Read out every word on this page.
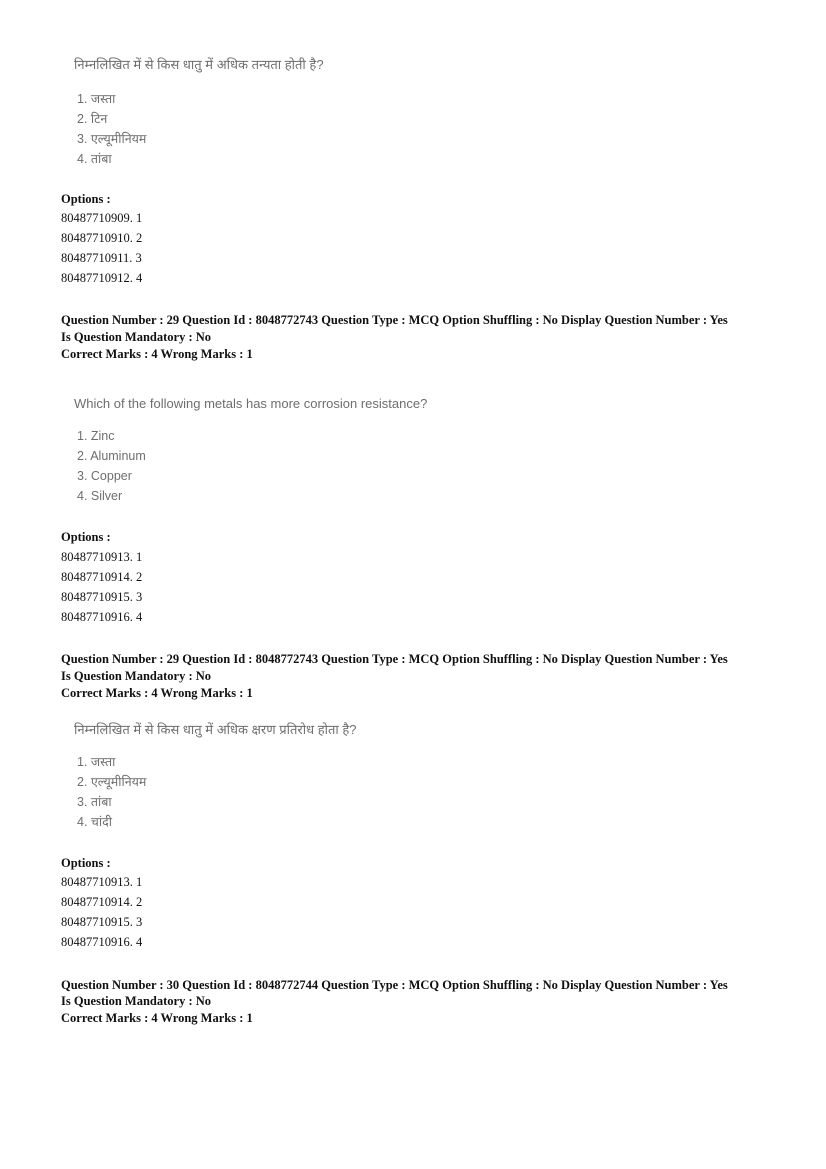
निम्नलिखित में से किस धातु में अधिक तन्यता होती है?
1. जस्ता
2. टिन
3. एल्यूमीनियम
4. तांबा
Options :
80487710909. 1
80487710910. 2
80487710911. 3
80487710912. 4
Question Number : 29 Question Id : 8048772743 Question Type : MCQ Option Shuffling : No Display Question Number : Yes
Is Question Mandatory : No
Correct Marks : 4 Wrong Marks : 1
Which of the following metals has more corrosion resistance?
1. Zinc
2. Aluminum
3. Copper
4. Silver
Options :
80487710913. 1
80487710914. 2
80487710915. 3
80487710916. 4
Question Number : 29 Question Id : 8048772743 Question Type : MCQ Option Shuffling : No Display Question Number : Yes
Is Question Mandatory : No
Correct Marks : 4 Wrong Marks : 1
निम्नलिखित में से किस धातु में अधिक क्षरण प्रतिरोध होता है?
1. जस्ता
2. एल्यूमीनियम
3. तांबा
4. चांदी
Options :
80487710913. 1
80487710914. 2
80487710915. 3
80487710916. 4
Question Number : 30 Question Id : 8048772744 Question Type : MCQ Option Shuffling : No Display Question Number : Yes
Is Question Mandatory : No
Correct Marks : 4 Wrong Marks : 1
